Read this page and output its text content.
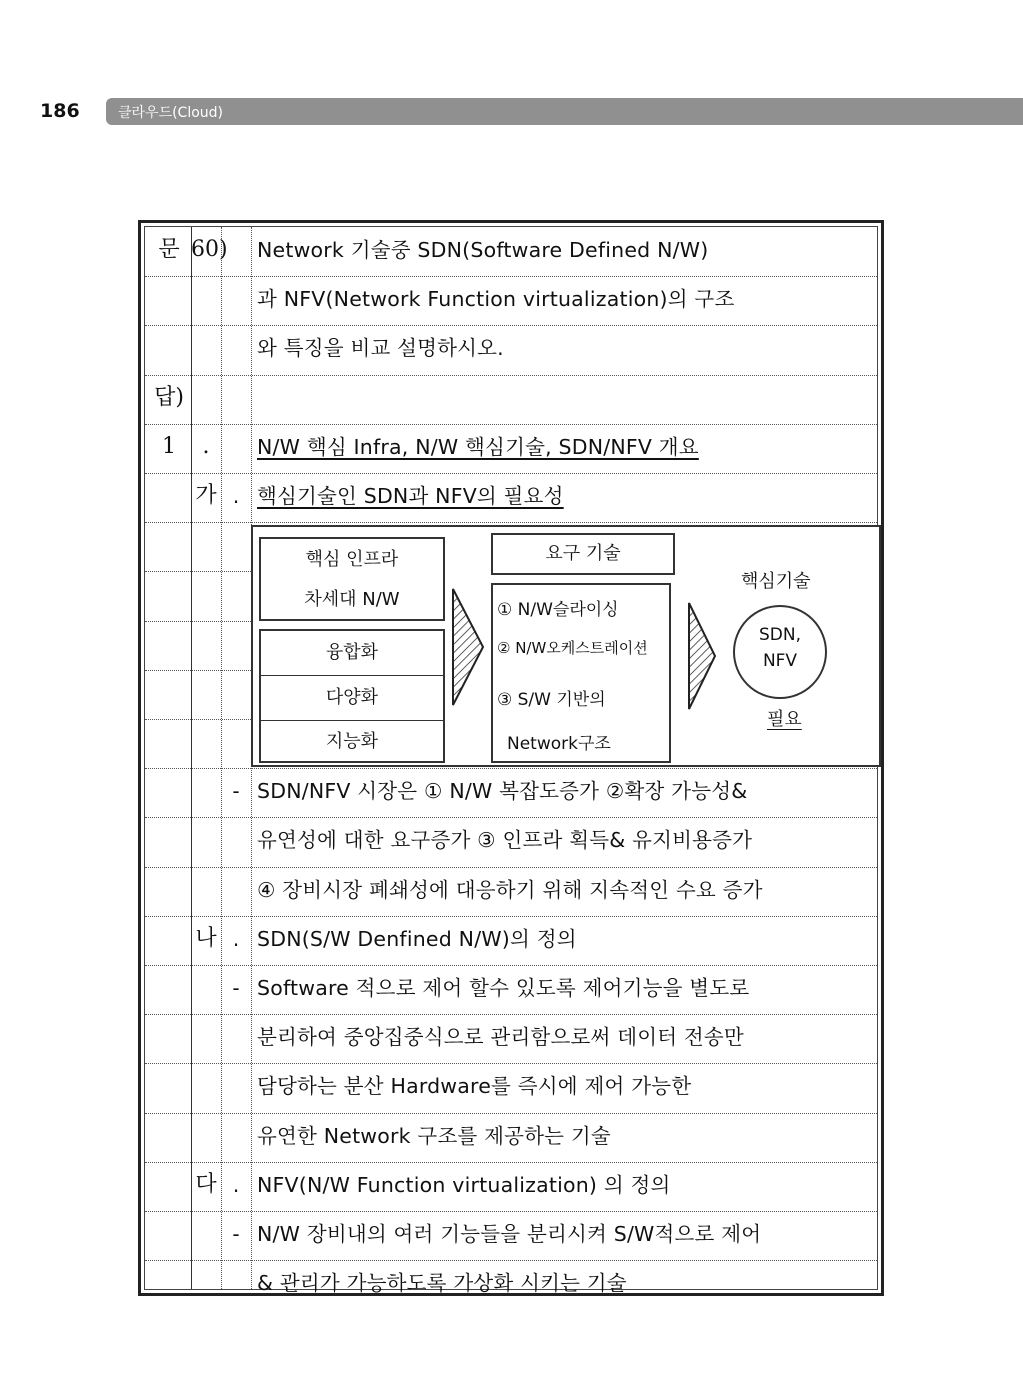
186	클라우드(Cloud)
문 60) Network 기술중 SDN(Software Defined N/W)
과 NFV(Network Function virtualization)의 구조
와 특징을 비교 설명하시오.
답)
1	.	N/W 핵심 Infra, N/W 핵심기술, SDN/NFV 개요
가 . 핵심기술인 SDN과 NFV의 필요성
- SDN/NFV 시장은 ① N/W 복잡도증가 ②확장 가능성&
유연성에 대한 요구증가 ③ 인프라 획득& 유지비용증가
④ 장비시장 폐쇄성에 대응하기 위해 지속적인 수요 증가
나 . SDN(S/W Denfined N/W)의 정의
- Software 적으로 제어 할수 있도록 제어기능을 별도로
분리하여 중앙집중식으로 관리함으로써 데이터 전송만
담당하는 분산 Hardware를 즉시에 제어 가능한
유연한 Network 구조를 제공하는 기술
다 . NFV(N/W Function virtualization) 의 정의
- N/W 장비내의 여러 기능들을 분리시켜 S/W적으로 제어
& 관리가 가능하도록 가상화 시키는 기술
핵심 인프라
차세대 N/W
융합화
다양화
지능화
요구 기술
① N/W슬라이싱
② N/W오케스트레이션
③ S/W 기반의
Network구조
핵심기술
SDN,
NFV
필요
